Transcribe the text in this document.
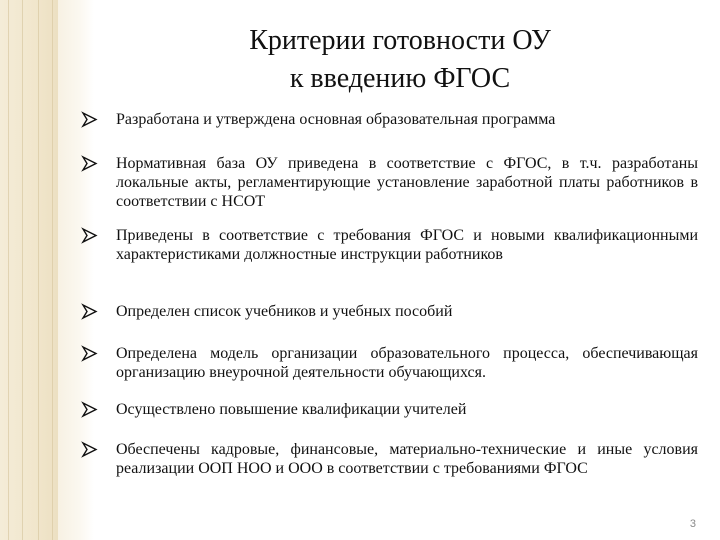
Критерии готовности ОУ
к введению ФГОС
Разработана и утверждена основная образовательная программа
Нормативная база ОУ приведена в соответствие с ФГОС, в т.ч. разработаны локальные акты, регламентирующие установление заработной платы работников в соответствии с НСОТ
Приведены в соответствие с требования ФГОС и новыми квалификационными характеристиками должностные инструкции работников
Определен список учебников и учебных пособий
Определена модель организации образовательного процесса, обеспечивающая организацию внеурочной деятельности обучающихся.
Осуществлено повышение квалификации учителей
Обеспечены кадровые, финансовые, материально-технические и иные условия реализации ООП НОО и ООО в соответствии с требованиями ФГОС
3
